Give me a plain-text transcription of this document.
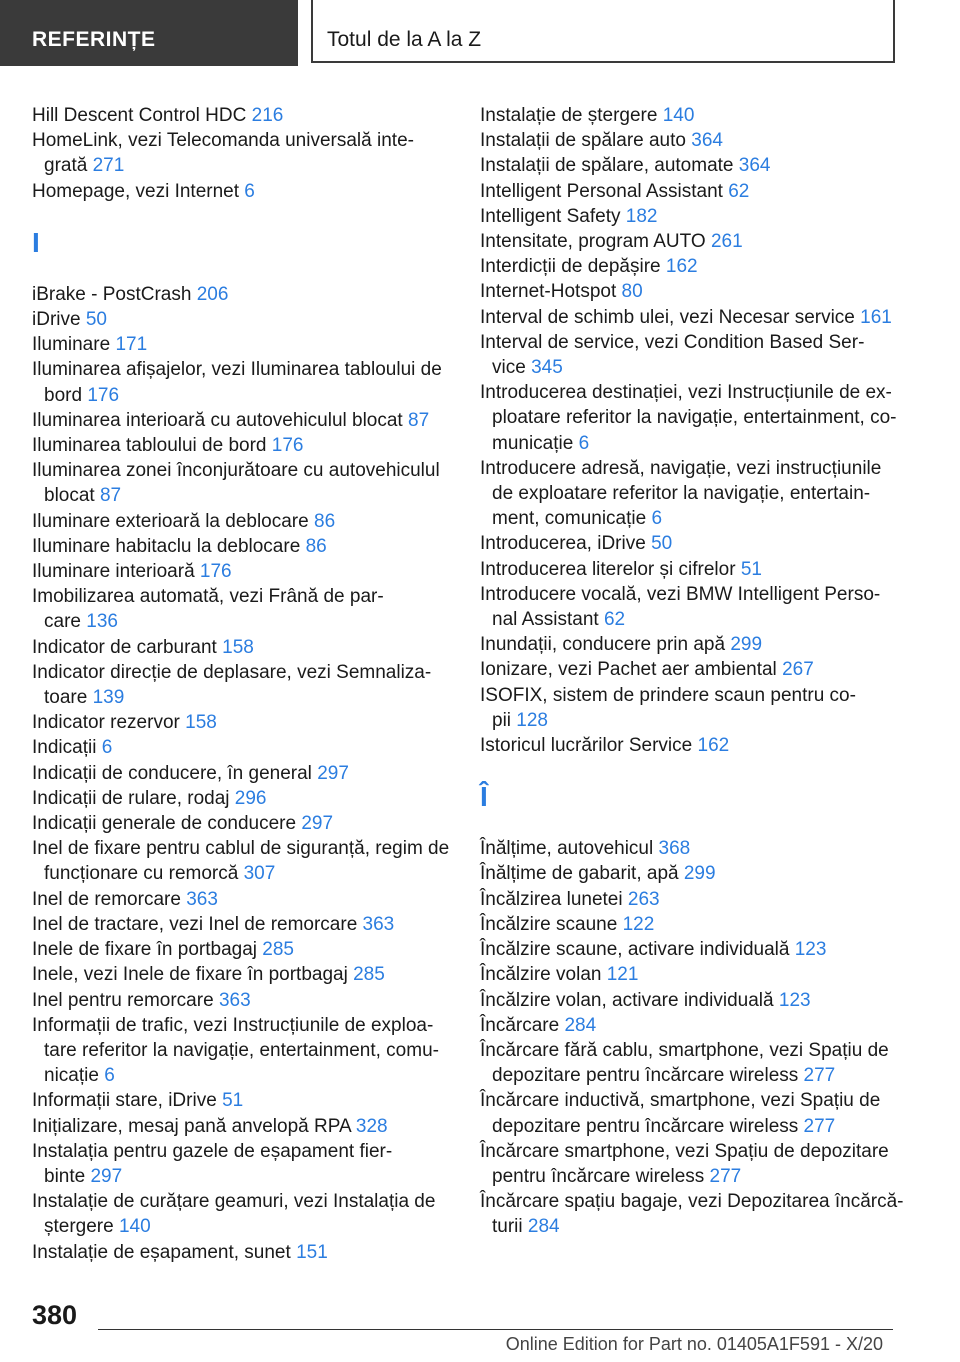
REFERINȚE	Totul de la A la Z
Hill Descent Control HDC 216
HomeLink, vezi Telecomanda universală inte-
grată 271
Homepage, vezi Internet 6
I
iBrake - PostCrash 206
iDrive 50
Iluminare 171
Iluminarea afișajelor, vezi Iluminarea tabloului de
bord 176
Iluminarea interioară cu autovehiculul blocat 87
Iluminarea tabloului de bord 176
Iluminarea zonei înconjurătoare cu autovehiculul
blocat 87
Iluminare exterioară la deblocare 86
Iluminare habitaclu la deblocare 86
Iluminare interioară 176
Imobilizarea automată, vezi Frână de par-
care 136
Indicator de carburant 158
Indicator direcție de deplasare, vezi Semnaliza-
toare 139
Indicator rezervor 158
Indicații 6
Indicații de conducere, în general 297
Indicații de rulare, rodaj 296
Indicații generale de conducere 297
Inel de fixare pentru cablul de siguranță, regim de
funcționare cu remorcă 307
Inel de remorcare 363
Inel de tractare, vezi Inel de remorcare 363
Inele de fixare în portbagaj 285
Inele, vezi Inele de fixare în portbagaj 285
Inel pentru remorcare 363
Informații de trafic, vezi Instrucțiunile de exploa-
tare referitor la navigație, entertainment, comu-
nicație 6
Informații stare, iDrive 51
Inițializare, mesaj pană anvelopă RPA 328
Instalația pentru gazele de eșapament fier-
binte 297
Instalație de curățare geamuri, vezi Instalația de
ștergere 140
Instalație de eșapament, sunet 151
Instalație de ștergere 140
Instalații de spălare auto 364
Instalații de spălare, automate 364
Intelligent Personal Assistant 62
Intelligent Safety 182
Intensitate, program AUTO 261
Interdicții de depășire 162
Internet-Hotspot 80
Interval de schimb ulei, vezi Necesar service 161
Interval de service, vezi Condition Based Ser-
vice 345
Introducerea destinației, vezi Instrucțiunile de ex-
ploatare referitor la navigație, entertainment, co-
municație 6
Introducere adresă, navigație, vezi instrucțiunile
de exploatare referitor la navigație, entertain-
ment, comunicație 6
Introducerea, iDrive 50
Introducerea literelor și cifrelor 51
Introducere vocală, vezi BMW Intelligent Perso-
nal Assistant 62
Inundații, conducere prin apă 299
Ionizare, vezi Pachet aer ambiental 267
ISOFIX, sistem de prindere scaun pentru co-
pii 128
Istoricul lucrărilor Service 162
Î
Înălțime, autovehicul 368
Înălțime de gabarit, apă 299
Încălzirea lunetei 263
Încălzire scaune 122
Încălzire scaune, activare individuală 123
Încălzire volan 121
Încălzire volan, activare individuală 123
Încărcare 284
Încărcare fără cablu, smartphone, vezi Spațiu de
depozitare pentru încărcare wireless 277
Încărcare inductivă, smartphone, vezi Spațiu de
depozitare pentru încărcare wireless 277
Încărcare smartphone, vezi Spațiu de depozitare
pentru încărcare wireless 277
Încărcare spațiu bagaje, vezi Depozitarea încărcă-
turii 284
380
Online Edition for Part no. 01405A1F591 - X/20
